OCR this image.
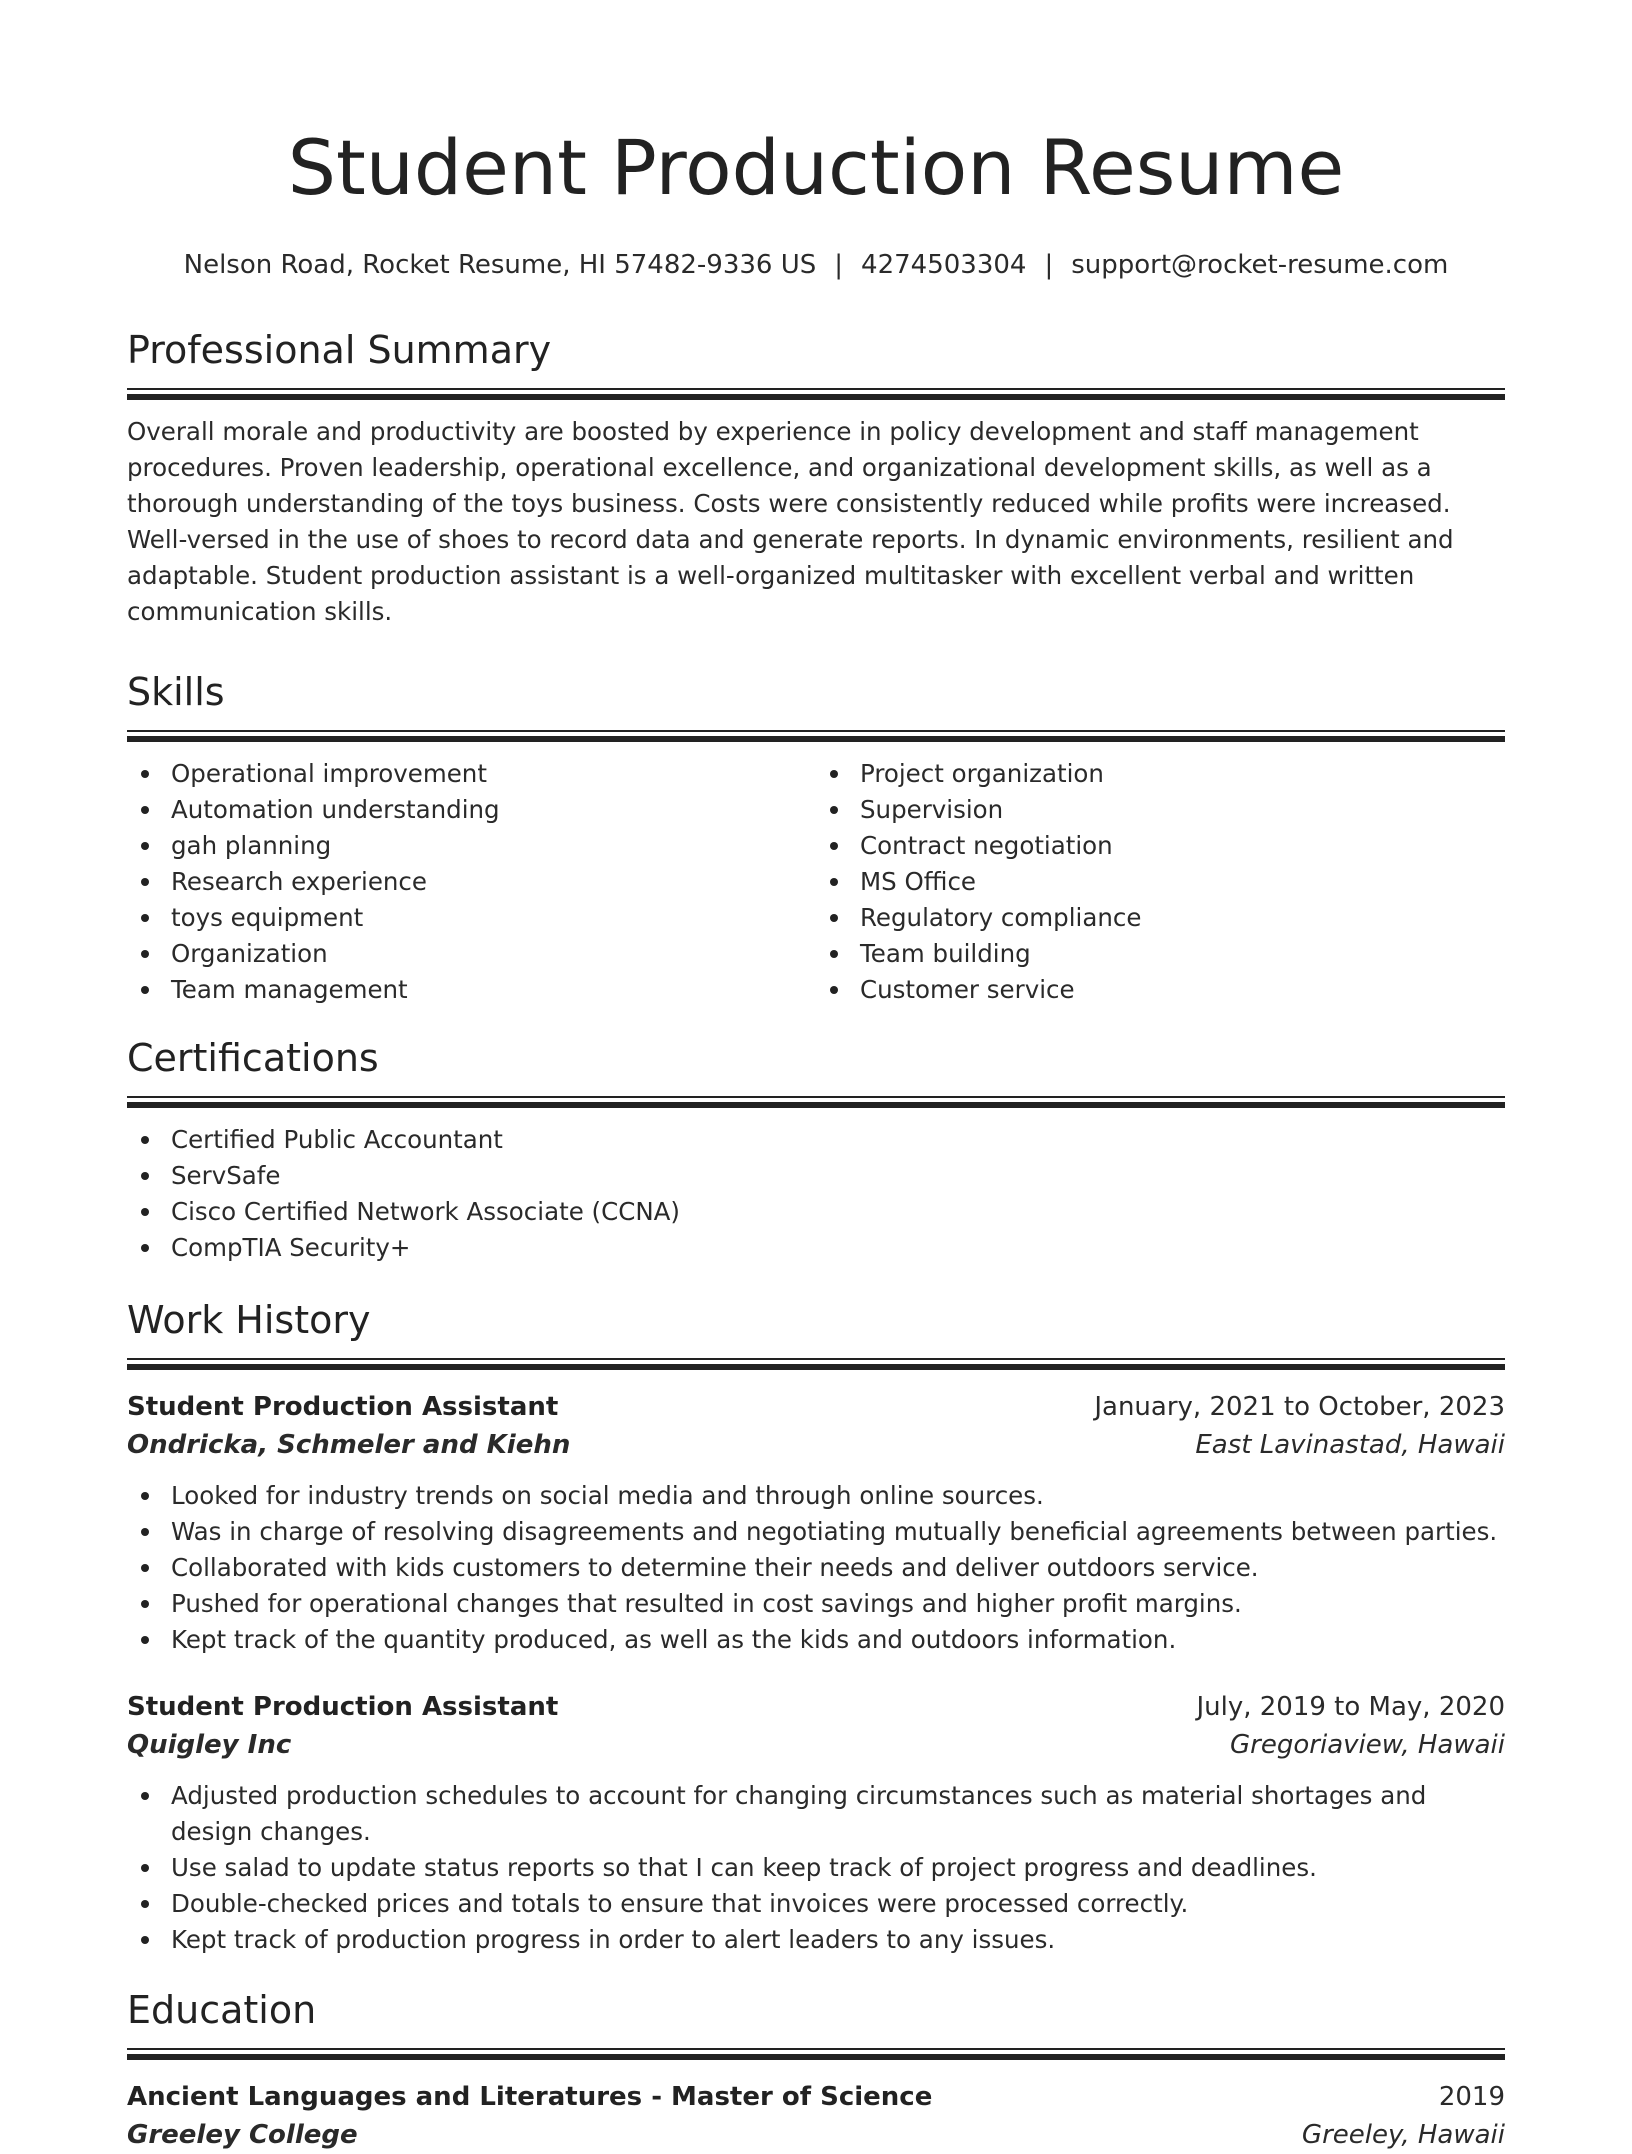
Student Production Resume
Nelson Road, Rocket Resume, HI 57482-9336 US | 4274503304 | support@rocket-resume.com
Professional Summary
Overall morale and productivity are boosted by experience in policy development and staff management procedures. Proven leadership, operational excellence, and organizational development skills, as well as a thorough understanding of the toys business. Costs were consistently reduced while profits were increased. Well-versed in the use of shoes to record data and generate reports. In dynamic environments, resilient and adaptable. Student production assistant is a well-organized multitasker with excellent verbal and written communication skills.
Skills
Operational improvement
Automation understanding
gah planning
Research experience
toys equipment
Organization
Team management
Project organization
Supervision
Contract negotiation
MS Office
Regulatory compliance
Team building
Customer service
Certifications
Certified Public Accountant
ServSafe
Cisco Certified Network Associate (CCNA)
CompTIA Security+
Work History
Student Production Assistant	January, 2021 to October, 2023
Ondricka, Schmeler and Kiehn	East Lavinastad, Hawaii
Looked for industry trends on social media and through online sources.
Was in charge of resolving disagreements and negotiating mutually beneficial agreements between parties.
Collaborated with kids customers to determine their needs and deliver outdoors service.
Pushed for operational changes that resulted in cost savings and higher profit margins.
Kept track of the quantity produced, as well as the kids and outdoors information.
Student Production Assistant	July, 2019 to May, 2020
Quigley Inc	Gregoriaview, Hawaii
Adjusted production schedules to account for changing circumstances such as material shortages and design changes.
Use salad to update status reports so that I can keep track of project progress and deadlines.
Double-checked prices and totals to ensure that invoices were processed correctly.
Kept track of production progress in order to alert leaders to any issues.
Education
Ancient Languages and Literatures - Master of Science	2019
Greeley College	Greeley, Hawaii
